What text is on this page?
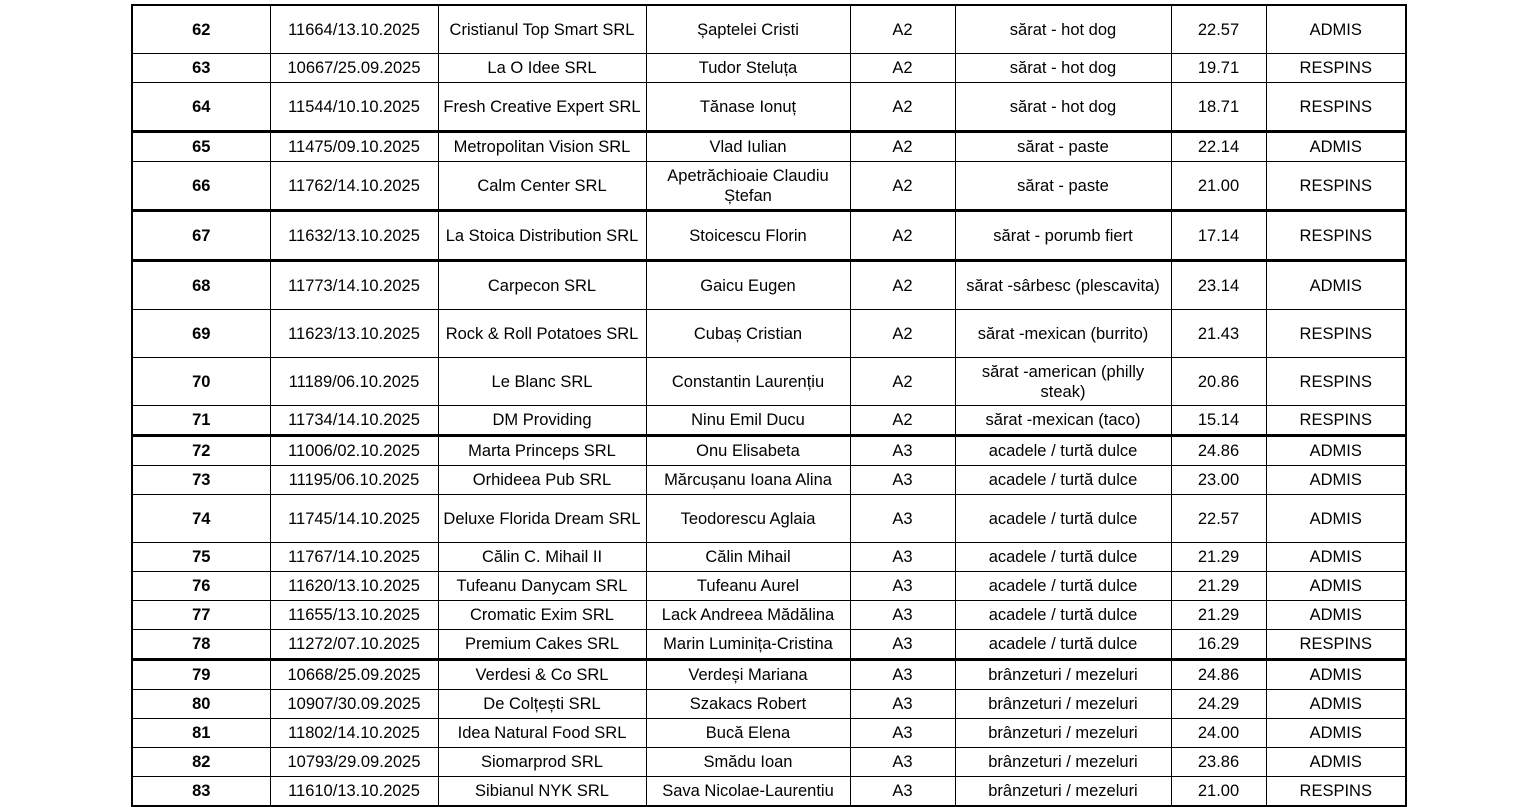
62	11664/13.10.2025	Cristianul Top Smart SRL	Șaptelei Cristi	A2	sărat - hot dog	22.57	ADMIS
63	10667/25.09.2025	La O Idee SRL	Tudor Steluța	A2	sărat - hot dog	19.71	RESPINS
64	11544/10.10.2025	Fresh Creative Expert SRL	Tănase Ionuț	A2	sărat - hot dog	18.71	RESPINS
65	11475/09.10.2025	Metropolitan Vision SRL	Vlad Iulian	A2	sărat - paste	22.14	ADMIS
66	11762/14.10.2025	Calm Center SRL	Apetrăchioaie Claudiu Ștefan	A2	sărat - paste	21.00	RESPINS
67	11632/13.10.2025	La Stoica Distribution SRL	Stoicescu Florin	A2	sărat - porumb fiert	17.14	RESPINS
68	11773/14.10.2025	Carpecon SRL	Gaicu Eugen	A2	sărat -sârbesc (plescavita)	23.14	ADMIS
69	11623/13.10.2025	Rock & Roll Potatoes SRL	Cubaș Cristian	A2	sărat -mexican (burrito)	21.43	RESPINS
70	11189/06.10.2025	Le Blanc SRL	Constantin Laurențiu	A2	sărat -american (philly steak)	20.86	RESPINS
71	11734/14.10.2025	DM Providing	Ninu Emil Ducu	A2	sărat -mexican (taco)	15.14	RESPINS
72	11006/02.10.2025	Marta Princeps SRL	Onu Elisabeta	A3	acadele / turtă dulce	24.86	ADMIS
73	11195/06.10.2025	Orhideea Pub SRL	Mărcușanu Ioana Alina	A3	acadele / turtă dulce	23.00	ADMIS
74	11745/14.10.2025	Deluxe Florida Dream SRL	Teodorescu Aglaia	A3	acadele / turtă dulce	22.57	ADMIS
75	11767/14.10.2025	Călin C. Mihail II	Călin Mihail	A3	acadele / turtă dulce	21.29	ADMIS
76	11620/13.10.2025	Tufeanu Danycam SRL	Tufeanu Aurel	A3	acadele / turtă dulce	21.29	ADMIS
77	11655/13.10.2025	Cromatic Exim SRL	Lack Andreea Mădălina	A3	acadele / turtă dulce	21.29	ADMIS
78	11272/07.10.2025	Premium Cakes SRL	Marin Luminița-Cristina	A3	acadele / turtă dulce	16.29	RESPINS
79	10668/25.09.2025	Verdesi & Co SRL	Verdeși Mariana	A3	brânzeturi / mezeluri	24.86	ADMIS
80	10907/30.09.2025	De Colțești SRL	Szakacs Robert	A3	brânzeturi / mezeluri	24.29	ADMIS
81	11802/14.10.2025	Idea Natural Food SRL	Bucă Elena	A3	brânzeturi / mezeluri	24.00	ADMIS
82	10793/29.09.2025	Siomarprod SRL	Smădu Ioan	A3	brânzeturi / mezeluri	23.86	ADMIS
83	11610/13.10.2025	Sibianul NYK SRL	Sava Nicolae-Laurentiu	A3	brânzeturi / mezeluri	21.00	RESPINS
